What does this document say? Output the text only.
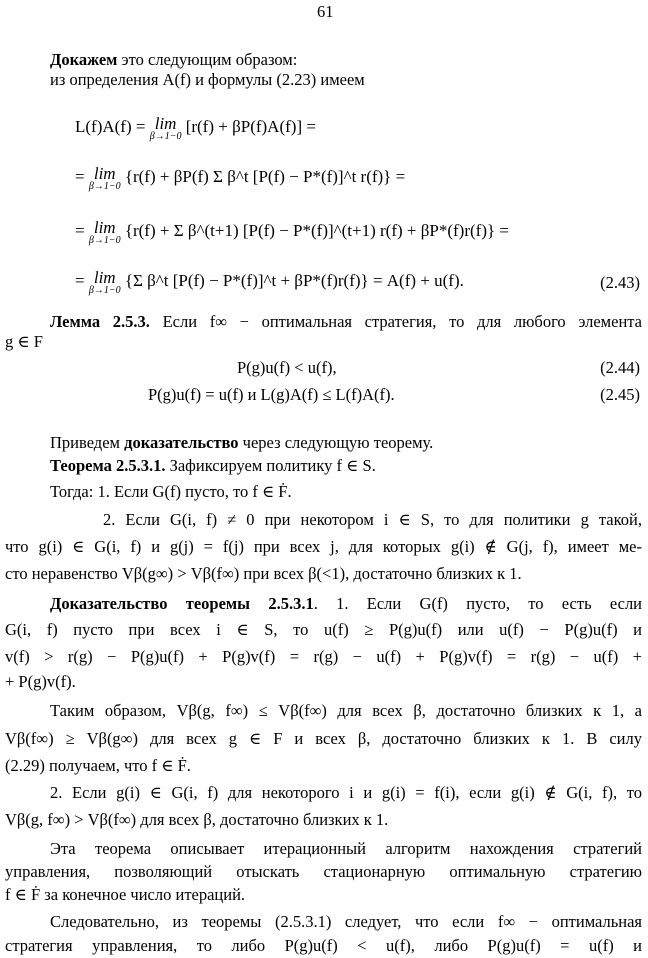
61
Докажем это следующим образом:
из определения A(f) и формулы (2.23) имеем
L(f)A(f) = lim
β→1−0
[r(f) + βP(f)A(f)] =
= lim
β→1−0
{r(f) + βP(f) Σ β^t [P(f) − P*(f)]^t r(f)} =
= lim
β→1−0
{r(f) + Σ β^(t+1) [P(f) − P*(f)]^(t+1) r(f) + βP*(f)r(f)} =
= lim
β→1−0
{Σ β^t [P(f) − P*(f)]^t + βP*(f)r(f)} = A(f) + u(f).	(2.43)
Лемма 2.5.3. Если f∞ − оптимальная стратегия, то для любого элемента
g ∈ F
P(g)u(f) < u(f),	(2.44)
P(g)u(f) = u(f) и L(g)A(f) ≤ L(f)A(f).	(2.45)
Приведем доказательство через следующую теорему.
Теорема 2.5.3.1. Зафиксируем политику f ∈ S.
Тогда: 1. Если G(f) пусто, то f ∈ Ḟ.
2. Если G(i, f) ≠ 0 при некотором i ∈ S, то для политики g такой,
что g(i) ∈ G(i, f) и g(j) = f(j) при всех j, для которых g(i) ∉ G(j, f), имеет ме-
сто неравенство Vβ(g∞) > Vβ(f∞) при всех β(<1), достаточно близких к 1.
Доказательство теоремы 2.5.3.1. 1. Если G(f) пусто, то есть если
G(i, f) пусто при всех i ∈ S, то u(f) ≥ P(g)u(f) или u(f) − P(g)u(f) и
v(f) > r(g) − P(g)u(f) + P(g)v(f) = r(g) − u(f) + P(g)v(f) = r(g) − u(f) +
+ P(g)v(f).
Таким образом, Vβ(g, f∞) ≤ Vβ(f∞) для всех β, достаточно близких к 1, а
Vβ(f∞) ≥ Vβ(g∞) для всех g ∈ F и всех β, достаточно близких к 1. В силу
(2.29) получаем, что f ∈ Ḟ.
2. Если g(i) ∈ G(i, f) для некоторого i и g(i) = f(i), если g(i) ∉ G(i, f), то
Vβ(g, f∞) > Vβ(f∞) для всех β, достаточно близких к 1.
Эта теорема описывает итерационный алгоритм нахождения стратегий
управления, позволяющий отыскать стационарную оптимальную стратегию
f ∈ Ḟ за конечное число итераций.
Следовательно, из теоремы (2.5.3.1) следует, что если f∞ − оптимальная
стратегия управления, то либо P(g)u(f) < u(f), либо P(g)u(f) = u(f) и
